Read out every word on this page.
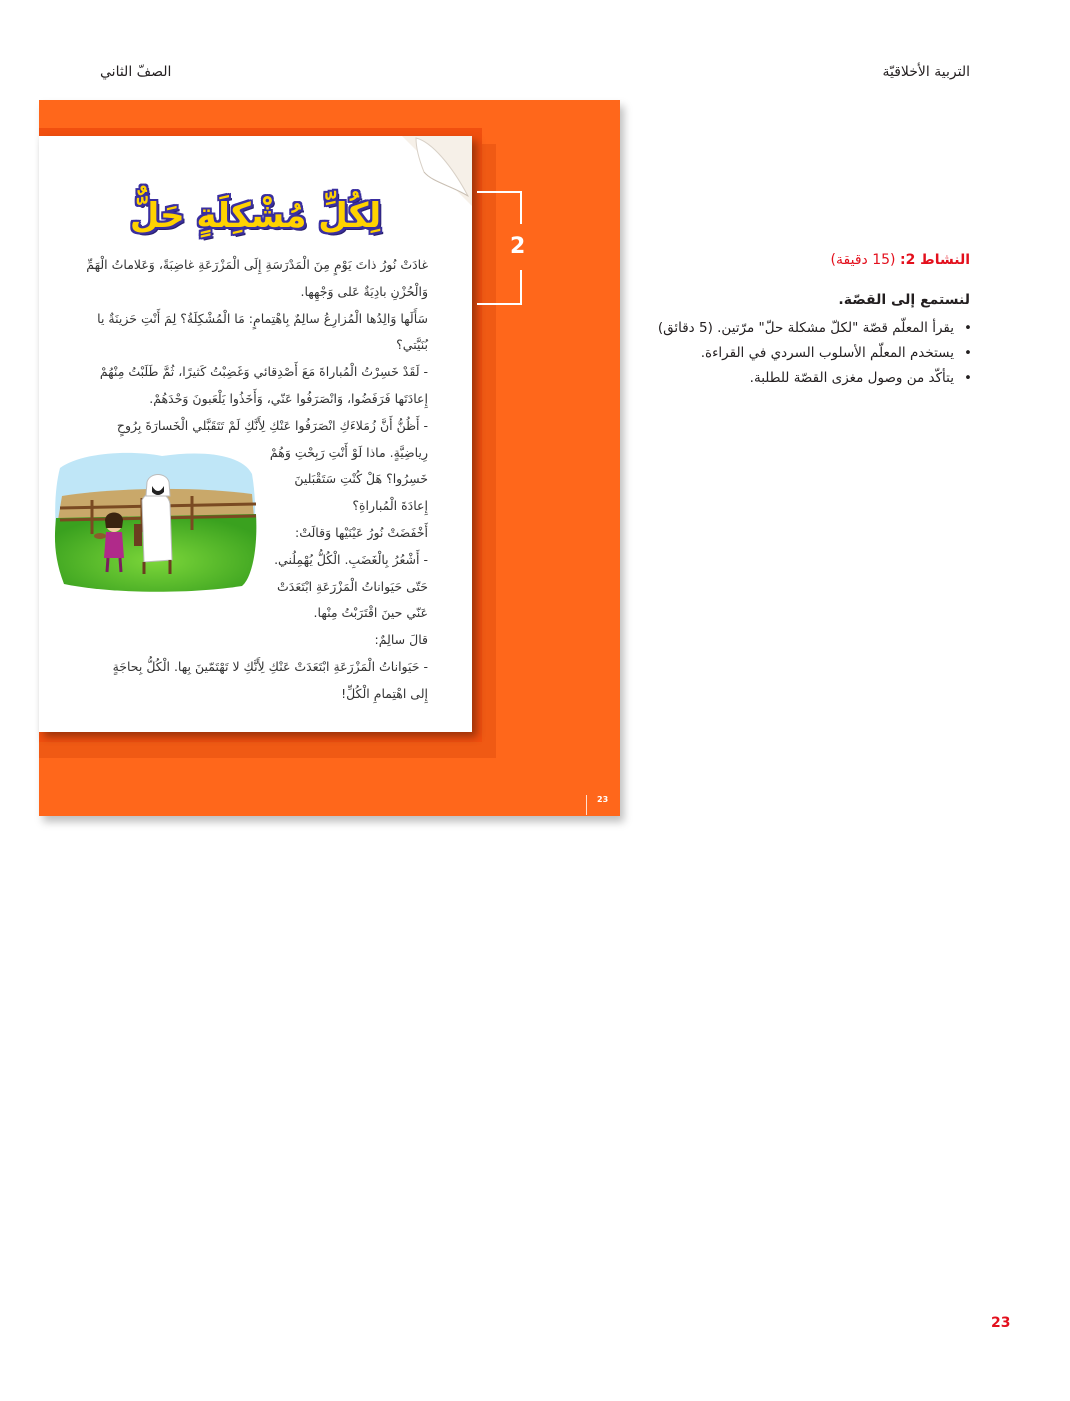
التربية الأخلاقيّة
الصفّ الثاني
لِكُلِّ مُشْكِلَةٍ حَلٌّ
غادَتْ نُورُ ذاتَ يَوْمٍ مِنَ الْمَدْرَسَةِ إِلَى الْمَزْرَعَةِ غاضِبَةً، وَعَلاماتُ الْهَمِّ
وَالْحُزْنِ بادِيَةٌ عَلى وَجْهِها.
سَأَلَها وَالِدُها الْمُزارِعُ سالِمٌ بِاهْتِمامٍ: مَا الْمُشْكِلَةُ؟ لِمَ أَنْتِ حَزينَةٌ يا
بُنَيَّتي؟
- لَقَدْ خَسِرْتُ الْمُباراةَ مَعَ أَصْدِقائي وَغَضِبْتُ كَثيرًا، ثُمَّ طَلَبْتُ مِنْهُمْ
إِعادَتَها فَرَفَضُوا، وَانْصَرَفُوا عَنّي، وَأَخَذُوا يَلْعَبونَ وَحْدَهُمْ.
- أَظُنُّ أَنَّ زُمَلاءَكِ انْصَرَفُوا عَنْكِ لِأَنَّكِ لَمْ تَتَقَبَّلي الْخَسارَةَ بِرُوحٍ
رِياضِيَّةٍ. ماذا لَوْ أَنْتِ رَبِحْتِ وَهُمْ
خَسِرُوا؟ هَلْ كُنْتِ سَتَقْبَلينَ
إِعادَةَ الْمُباراةِ؟
أَخْفَضَتْ نُورُ عَيْنَيْها وَقالَتْ:
- أَشْعُرُ بِالْغَضَبِ. الْكُلُّ يُهْمِلُني.
حَتّى حَيَواناتُ الْمَزْرَعَةِ ابْتَعَدَتْ
عَنّي حينَ اقْتَرَبْتُ مِنْها.
قالَ سالِمٌ:
- حَيَواناتُ الْمَزْرَعَةِ ابْتَعَدَتْ عَنْكِ لِأَنَّكِ لا تَهْتَمّينَ بِها. الْكُلُّ بِحاجَةٍ
إِلى اهْتِمامِ الْكُلِّ!
2
23
النشاط 2: (15 دقيقة)
لنستمع إلى القصّة.
• يقرأ المعلّم قصّة "لكلّ مشكلة حلّ" مرّتين. (5 دقائق)
• يستخدم المعلّم الأسلوب السردي في القراءة.
• يتأكّد من وصول مغزى القصّة للطلبة.
23
